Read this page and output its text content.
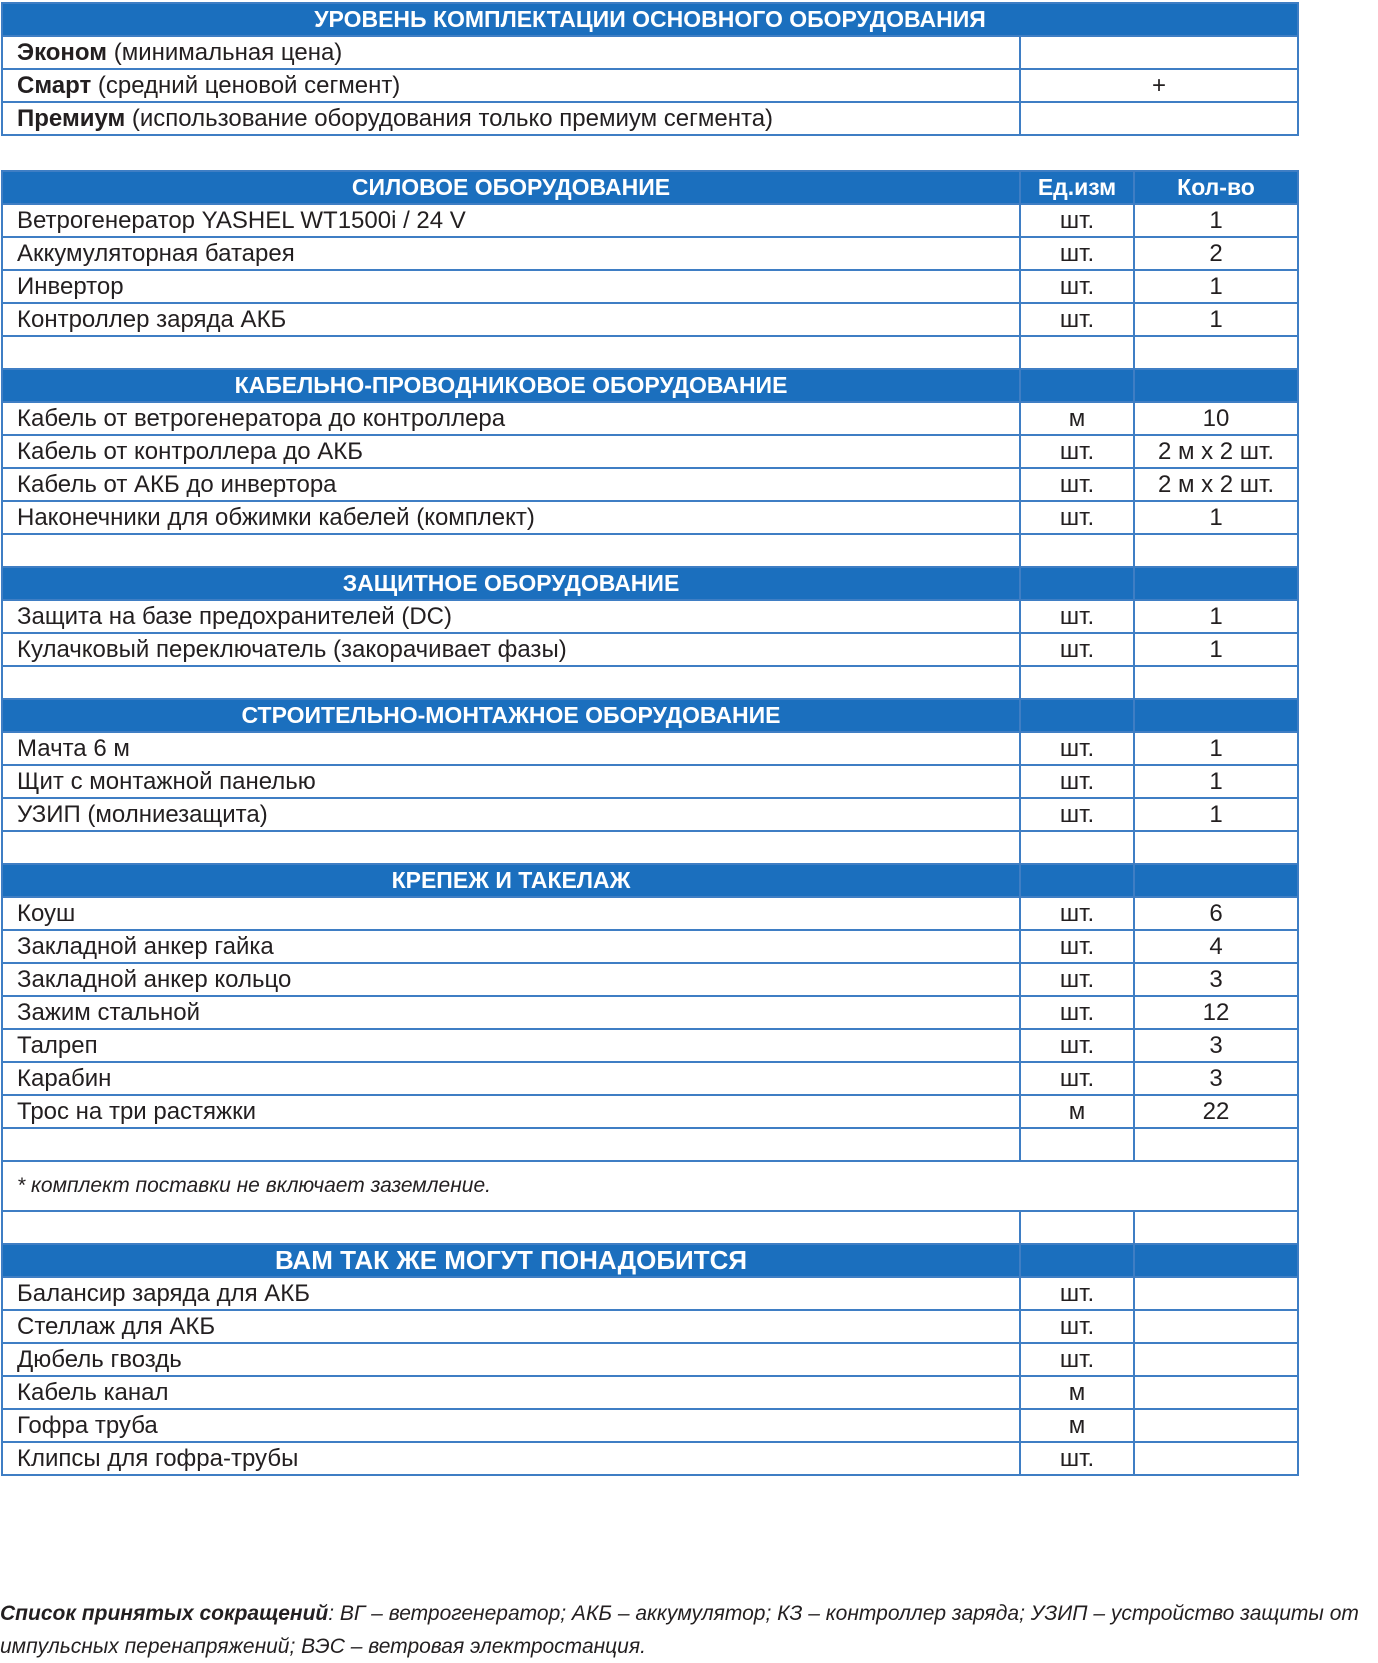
УРОВЕНЬ КОМПЛЕКТАЦИИ ОСНОВНОГО ОБОРУДОВАНИЯ	
Эконом (минимальная цена)	
Смарт (средний ценовой сегмент)	+
Премиум (использование оборудования только премиум сегмента)	
СИЛОВОЕ ОБОРУДОВАНИЕ	Ед.изм	Кол-во
Ветрогенератор YASHEL WT1500i / 24 V	шт.	1
Аккумуляторная батарея	шт.	2
Инвертор	шт.	1
Контроллер заряда АКБ	шт.	1

КАБЕЛЬНО-ПРОВОДНИКОВОЕ ОБОРУДОВАНИЕ		
Кабель от ветрогенератора до контроллера	м	10
Кабель от контроллера до АКБ	шт.	2 м х 2 шт.
Кабель от АКБ до инвертора	шт.	2 м х 2 шт.
Наконечники для обжимки кабелей (комплект)	шт.	1

ЗАЩИТНОЕ ОБОРУДОВАНИЕ		
Защита на базе предохранителей (DC)	шт.	1
Кулачковый переключатель (закорачивает фазы)	шт.	1

СТРОИТЕЛЬНО-МОНТАЖНОЕ ОБОРУДОВАНИЕ		
Мачта 6 м	шт.	1
Щит с монтажной панелью	шт.	1
УЗИП (молниезащита)	шт.	1

КРЕПЕЖ И ТАКЕЛАЖ		
Коуш	шт.	6
Закладной анкер гайка	шт.	4
Закладной анкер кольцо	шт.	3
Зажим стальной	шт.	12
Талреп	шт.	3
Карабин	шт.	3
Трос на три растяжки	м	22

* комплект поставки не включает заземление.		

ВАМ ТАК ЖЕ МОГУТ ПОНАДОБИТСЯ		
Балансир заряда для АКБ	шт.	
Стеллаж для АКБ	шт.	
Дюбель гвоздь	шт.	
Кабель канал	м	
Гофра труба	м	
Клипсы для гофра-трубы	шт.	
Список принятых сокращений: ВГ – ветрогенератор; АКБ – аккумулятор; КЗ – контроллер заряда; УЗИП – устройство защиты от импульсных перенапряжений; ВЭС – ветровая электростанция.
